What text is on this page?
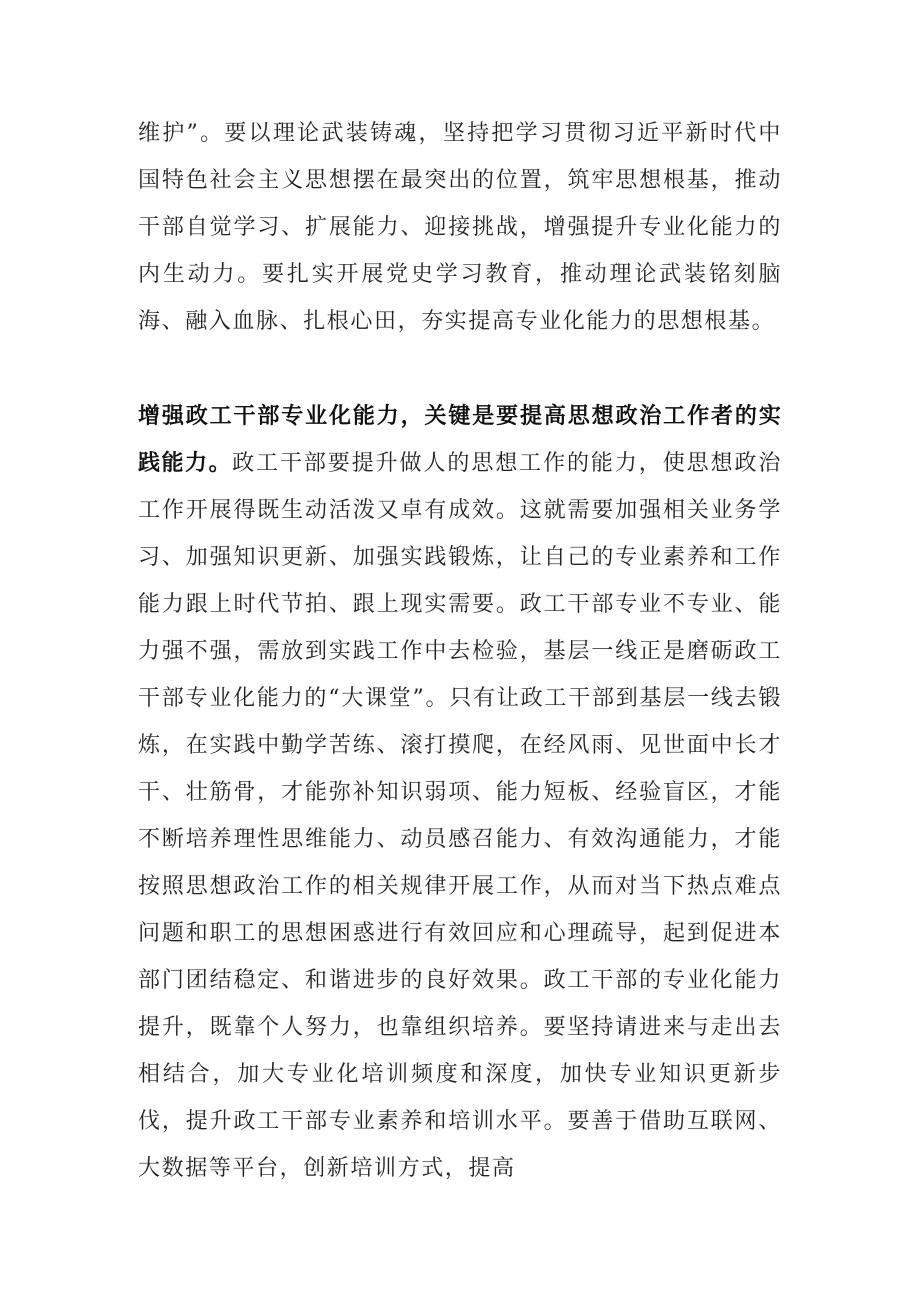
维护”。要以理论武装铸魂，坚持把学习贯彻习近平新时代中国特色社会主义思想摆在最突出的位置，筑牢思想根基，推动干部自觉学习、扩展能力、迎接挑战，增强提升专业化能力的内生动力。要扎实开展党史学习教育，推动理论武装铭刻脑海、融入血脉、扎根心田，夯实提高专业化能力的思想根基。

增强政工干部专业化能力，关键是要提高思想政治工作者的实践能力。政工干部要提升做人的思想工作的能力，使思想政治工作开展得既生动活泼又卓有成效。这就需要加强相关业务学习、加强知识更新、加强实践锻炼，让自己的专业素养和工作能力跟上时代节拍、跟上现实需要。政工干部专业不专业、能力强不强，需放到实践工作中去检验，基层一线正是磨砺政工干部专业化能力的“大课堂”。只有让政工干部到基层一线去锻炼，在实践中勤学苦练、滚打摸爬，在经风雨、见世面中长才干、壮筋骨，才能弥补知识弱项、能力短板、经验盲区，才能不断培养理性思维能力、动员感召能力、有效沟通能力，才能按照思想政治工作的相关规律开展工作，从而对当下热点难点问题和职工的思想困惑进行有效回应和心理疏导，起到促进本部门团结稳定、和谐进步的良好效果。政工干部的专业化能力提升，既靠个人努力，也靠组织培养。要坚持请进来与走出去相结合，加大专业化培训频度和深度，加快专业知识更新步伐，提升政工干部专业素养和培训水平。要善于借助互联网、大数据等平台，创新培训方式，提高
